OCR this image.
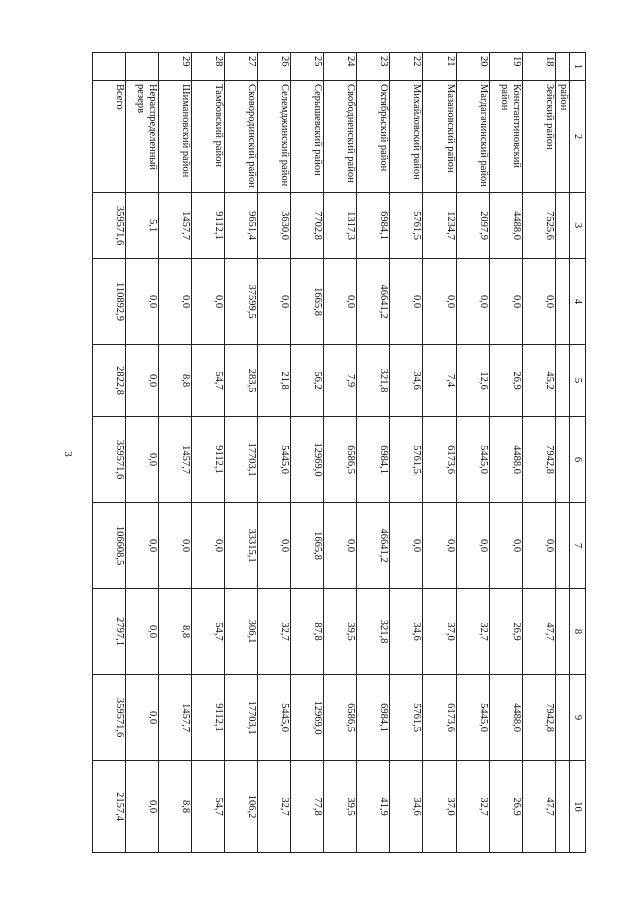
3
1	2	3	4	5	6	7	8	9	10
	район								
18	Зейский район	7525,6	0,0	45,2	7942,8	0,0	47,7	7942,8	47,7
19	Константиновский район	4488,0	0,0	26,9	4488,0	0,0	26,9	4488,0	26,9
20	Магдагачинский район	2097,9	0,0	12,6	5445,0	0,0	32,7	5445,0	32,7
21	Мазановский район	1234,7	0,0	7,4	6173,6	0,0	37,0	6173,6	37,0
22	Михайловский район	5761,5	0,0	34,6	5761,5	0,0	34,6	5761,5	34,6
23	Октябрьский район	6984,1	46641,2	321,8	6984,1	46641,2	321,8	6984,1	41,9
24	Свободненский район	1317,3	0,0	7,9	6586,5	0,0	39,5	6586,5	39,5
25	Серышевский район	7702,8	1665,8	56,2	12969,0	1665,8	87,8	12969,0	77,8
26	Селемджинский район	3630,0	0,0	21,8	5445,0	0,0	32,7	5445,0	32,7
27	Сковородинский район	9651,4	37599,5	283,5	17703,1	33315,1	306,1	17703,1	106,2
28	Тамбовский район	9112,1	0,0	54,7	9112,1	0,0	54,7	9112,1	54,7
29	Шимановский район	1457,7	0,0	8,8	1457,7	0,0	8,8	1457,7	8,8
	Нераспределенный резерв	5,1	0,0	0,0	0,0	0,0	0,0	0,0	0,0
	Всего	359571,6	110892,9	2822,8	359571,6	106608,5	2797,1	359571,6	2157,4
